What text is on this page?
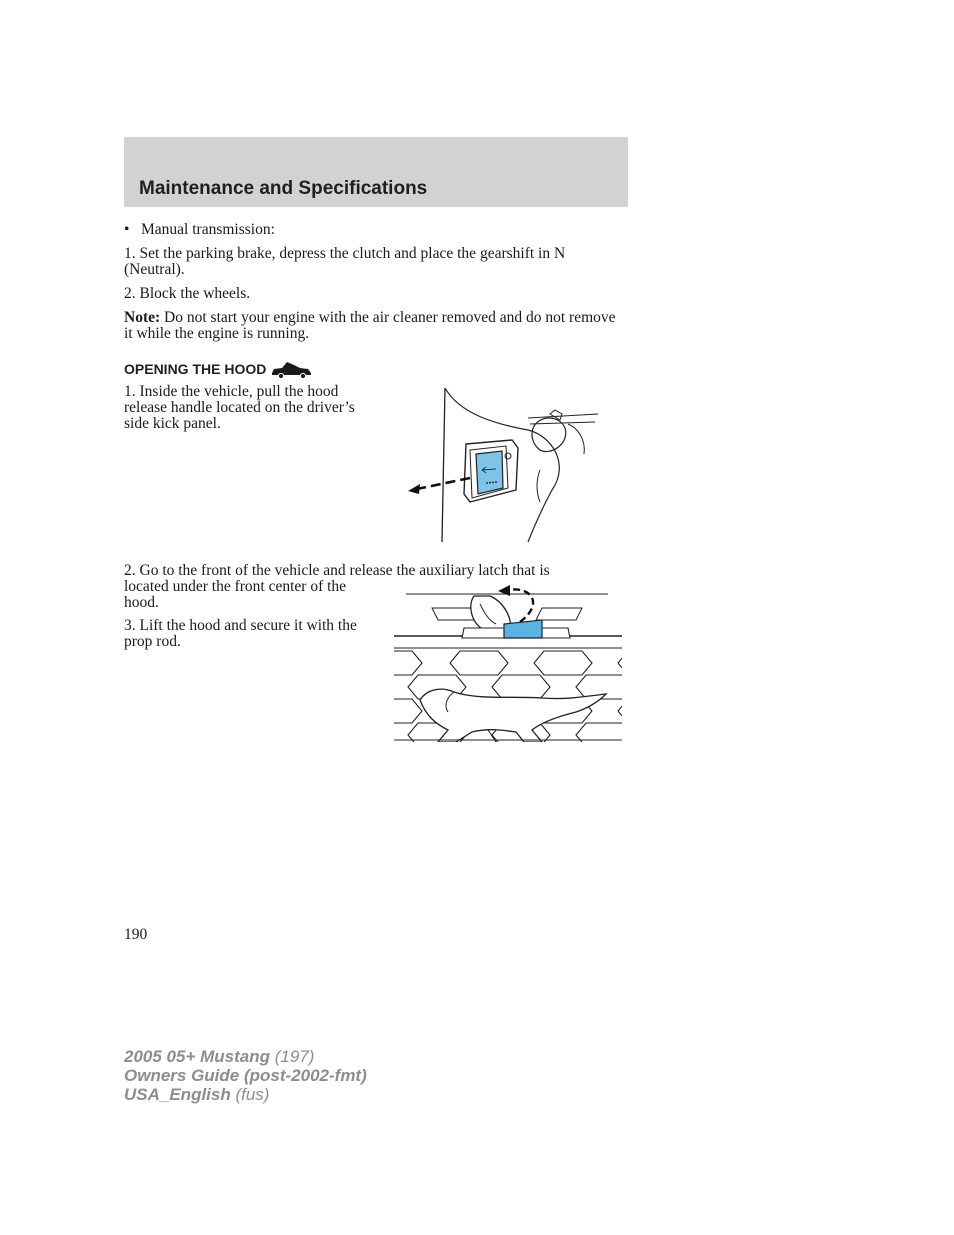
Maintenance and Specifications

• Manual transmission:

1. Set the parking brake, depress the clutch and place the gearshift in N (Neutral).

2. Block the wheels.

Note: Do not start your engine with the air cleaner removed and do not remove it while the engine is running.

OPENING THE HOOD

1. Inside the vehicle, pull the hood release handle located on the driver’s side kick panel.

2. Go to the front of the vehicle and release the auxiliary latch that is

located under the front center of the hood.

3. Lift the hood and secure it with the prop rod.

190
2005 05+ Mustang (197)
Owners Guide (post-2002-fmt)
USA_English (fus)
